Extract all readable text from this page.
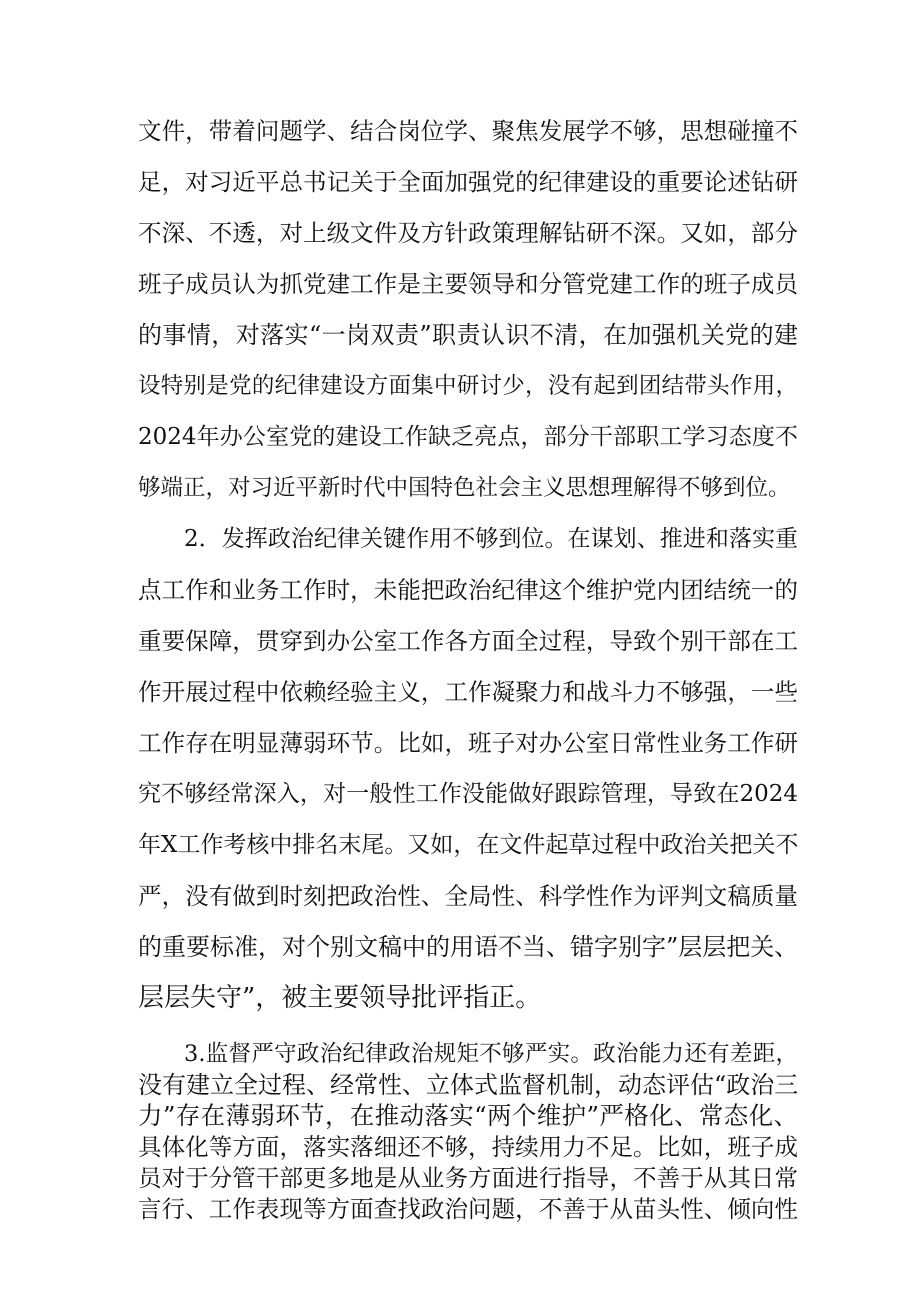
文件，带着问题学、结合岗位学、聚焦发展学不够，思想碰撞不
足，对习近平总书记关于全面加强党的纪律建设的重要论述钻研
不深、不透，对上级文件及方针政策理解钻研不深。又如，部分
班子成员认为抓党建工作是主要领导和分管党建工作的班子成员
的事情，对落实“一岗双责”职责认识不清，在加强机关党的建
设特别是党的纪律建设方面集中研讨少，没有起到团结带头作用，
2024年办公室党的建设工作缺乏亮点，部分干部职工学习态度不
够端正，对习近平新时代中国特色社会主义思想理解得不够到位。
2．发挥政治纪律关键作用不够到位。在谋划、推进和落实重
点工作和业务工作时，未能把政治纪律这个维护党内团结统一的
重要保障，贯穿到办公室工作各方面全过程，导致个别干部在工
作开展过程中依赖经验主义，工作凝聚力和战斗力不够强，一些
工作存在明显薄弱环节。比如，班子对办公室日常性业务工作研
究不够经常深入，对一般性工作没能做好跟踪管理，导致在2024
年X工作考核中排名末尾。又如，在文件起草过程中政治关把关不
严，没有做到时刻把政治性、全局性、科学性作为评判文稿质量
的重要标准，对个别文稿中的用语不当、错字别字”层层把关、
层层失守”，被主要领导批评指正。
3.监督严守政治纪律政治规矩不够严实。政治能力还有差距，
没有建立全过程、经常性、立体式监督机制，动态评估“政治三
力”存在薄弱环节，在推动落实“两个维护”严格化、常态化、
具体化等方面，落实落细还不够，持续用力不足。比如，班子成
员对于分管干部更多地是从业务方面进行指导，不善于从其日常
言行、工作表现等方面查找政治问题，不善于从苗头性、倾向性
